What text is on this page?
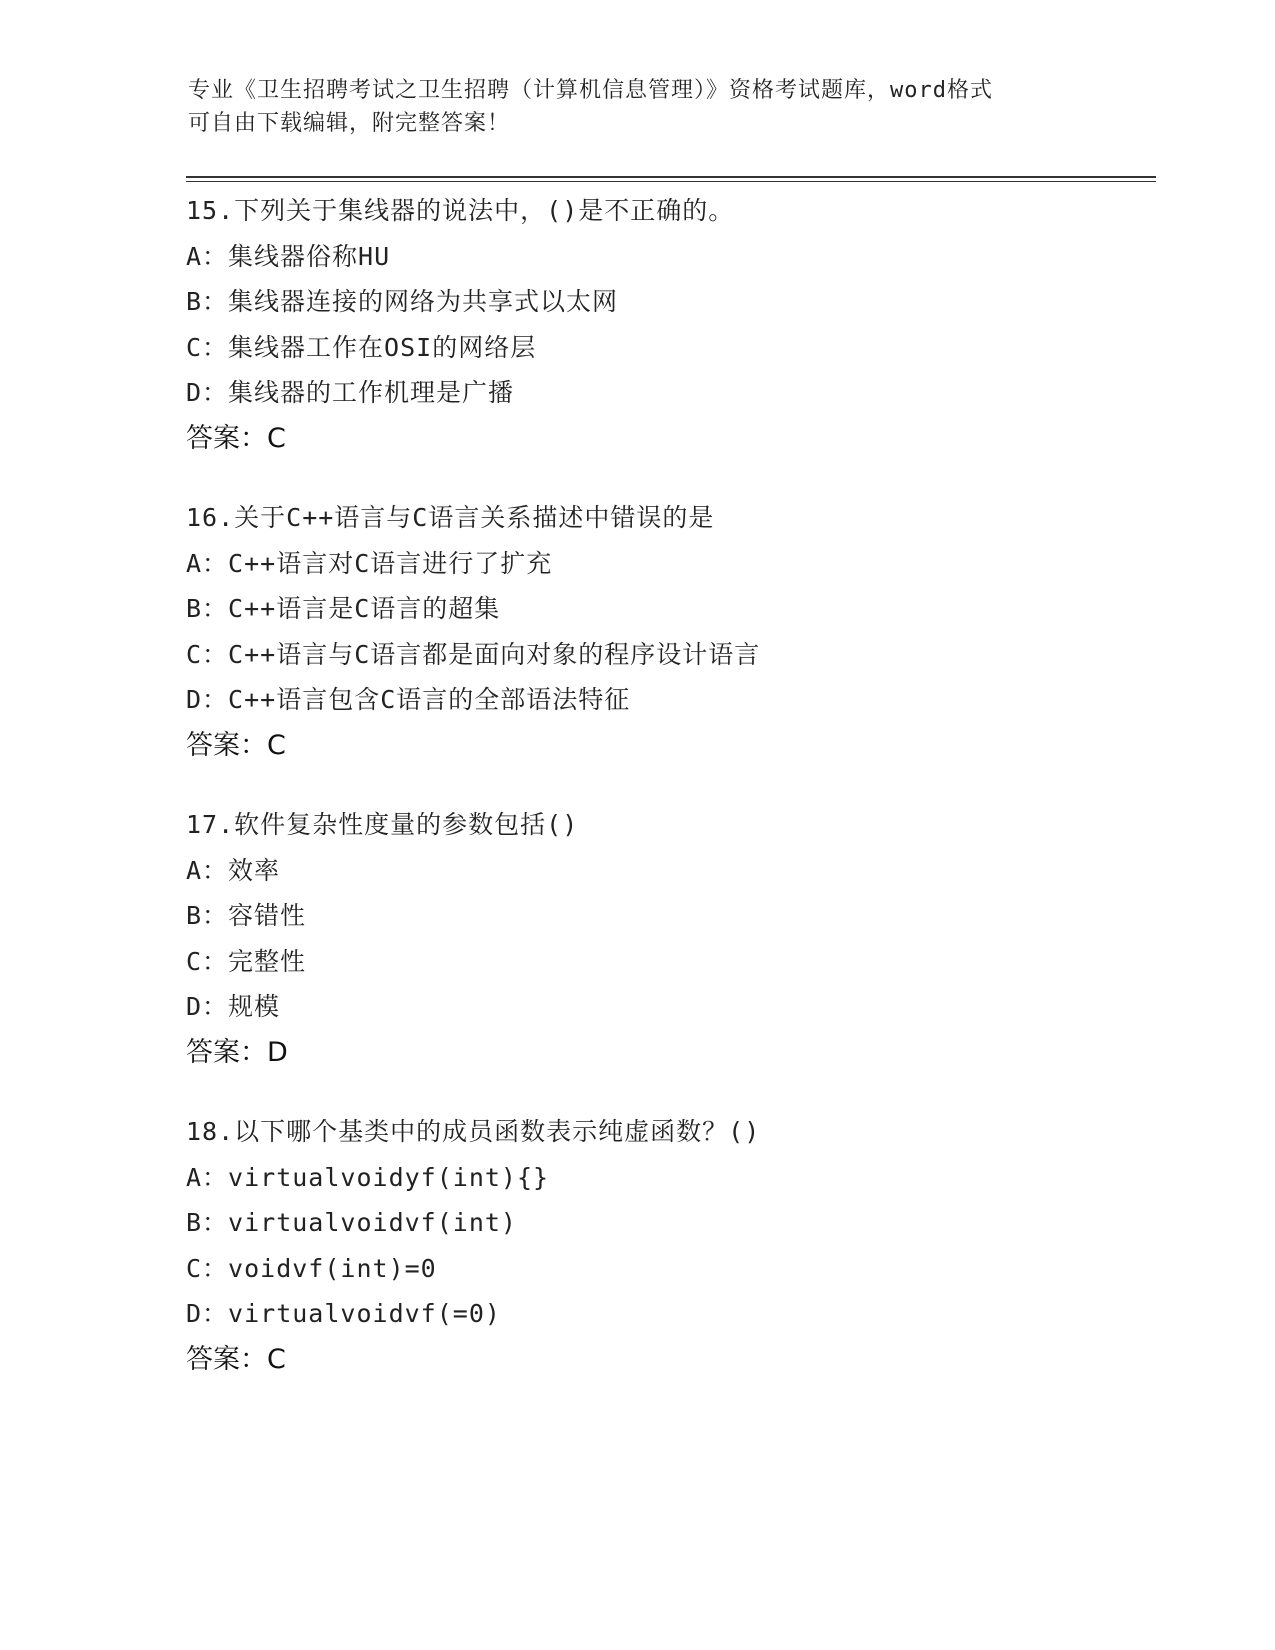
专业《卫生招聘考试之卫生招聘（计算机信息管理）》资格考试题库，word格式
可自由下载编辑，附完整答案！
15.下列关于集线器的说法中，()是不正确的。
A：集线器俗称HU
B：集线器连接的网络为共享式以太网
C：集线器工作在OSI的网络层
D：集线器的工作机理是广播
答案：C
16.关于C++语言与C语言关系描述中错误的是
A：C++语言对C语言进行了扩充
B：C++语言是C语言的超集
C：C++语言与C语言都是面向对象的程序设计语言
D：C++语言包含C语言的全部语法特征
答案：C
17.软件复杂性度量的参数包括()
A：效率
B：容错性
C：完整性
D：规模
答案：D
18.以下哪个基类中的成员函数表示纯虚函数？()
A：virtualvoidyf(int){}
B：virtualvoidvf(int)
C：voidvf(int)=0
D：virtualvoidvf(=0)
答案：C
